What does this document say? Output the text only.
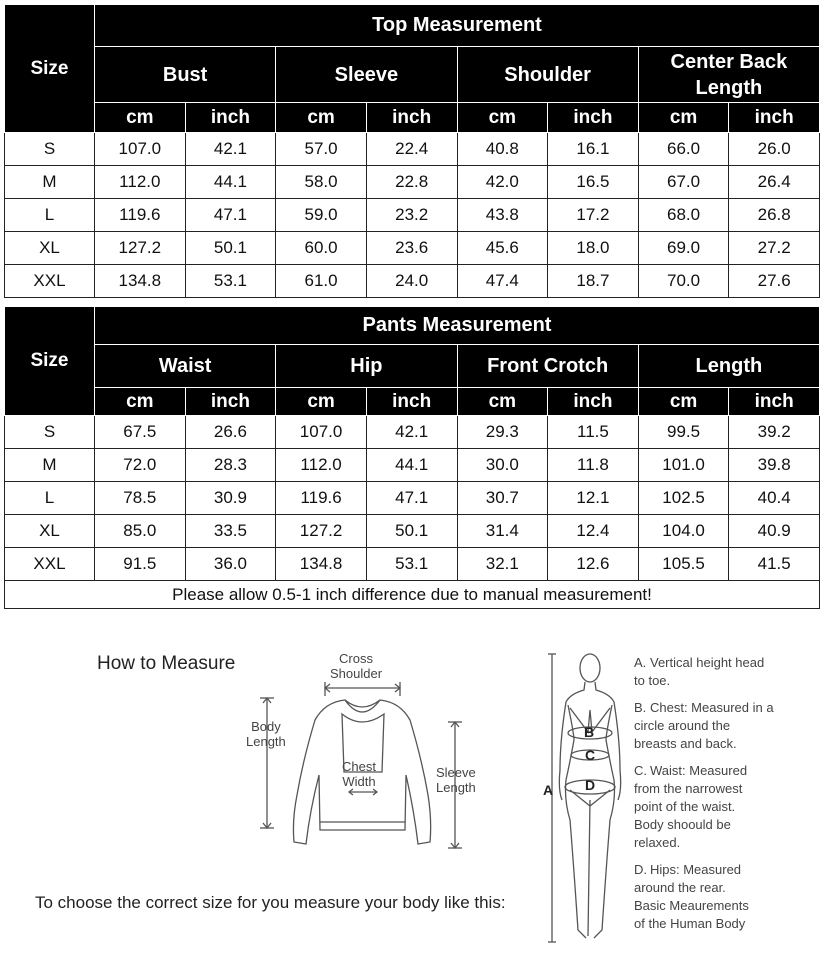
Size	Top Measurement							
	Bust		Sleeve		Shoulder		Center Back Length	
	cm	inch	cm	inch	cm	inch	cm	inch
S	107.0	42.1	57.0	22.4	40.8	16.1	66.0	26.0
M	112.0	44.1	58.0	22.8	42.0	16.5	67.0	26.4
L	119.6	47.1	59.0	23.2	43.8	17.2	68.0	26.8
XL	127.2	50.1	60.0	23.6	45.6	18.0	69.0	27.2
XXL	134.8	53.1	61.0	24.0	47.4	18.7	70.0	27.6
Size	Pants Measurement							
	Waist		Hip		Front Crotch		Length	
	cm	inch	cm	inch	cm	inch	cm	inch
S	67.5	26.6	107.0	42.1	29.3	11.5	99.5	39.2
M	72.0	28.3	112.0	44.1	30.0	11.8	101.0	39.8
L	78.5	30.9	119.6	47.1	30.7	12.1	102.5	40.4
XL	85.0	33.5	127.2	50.1	31.4	12.4	104.0	40.9
XXL	91.5	36.0	134.8	53.1	32.1	12.6	105.5	41.5
Please allow 0.5-1 inch difference due to manual measurement!								
How to Measure	Cross
Shoulder
Body
Length
Chest
Width
Sleeve
Length
To choose the correct size for you measure your body like this:
A
B
C
D
A. Vertical height head
to toe.
B. Chest: Measured in a
circle around the
breasts and back.
C. Waist: Measured
from the narrowest
point of the waist.
Body shoould be
relaxed.
D. Hips: Measured
around the rear.
Basic Meaurements
of the Human Body
